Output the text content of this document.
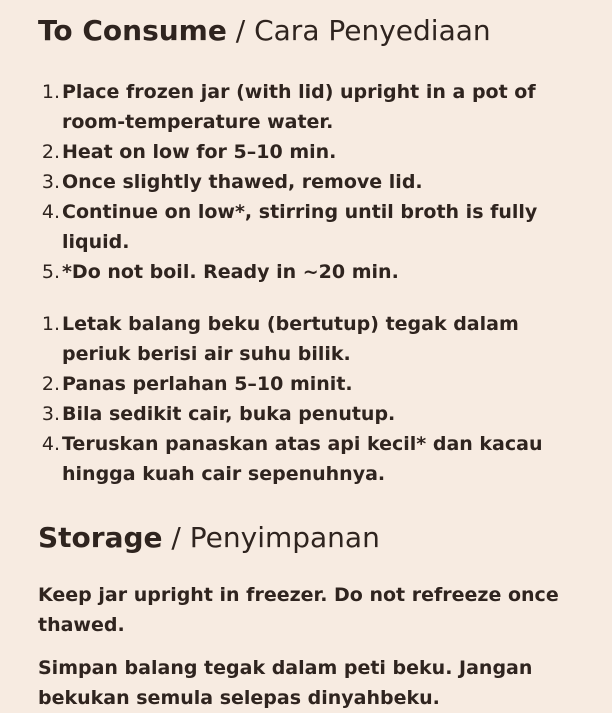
To Consume / Cara Penyediaan
1. Place frozen jar (with lid) upright in a pot of room-temperature water.
2. Heat on low for 5–10 min.
3. Once slightly thawed, remove lid.
4. Continue on low*, stirring until broth is fully liquid.
5. *Do not boil. Ready in ~20 min.
1. Letak balang beku (bertutup) tegak dalam periuk berisi air suhu bilik.
2. Panas perlahan 5–10 minit.
3. Bila sedikit cair, buka penutup.
4. Teruskan panaskan atas api kecil* dan kacau hingga kuah cair sepenuhnya.
Storage / Penyimpanan

Keep jar upright in freezer. Do not refreeze once thawed.

Simpan balang tegak dalam peti beku. Jangan bekukan semula selepas dinyahbeku.
